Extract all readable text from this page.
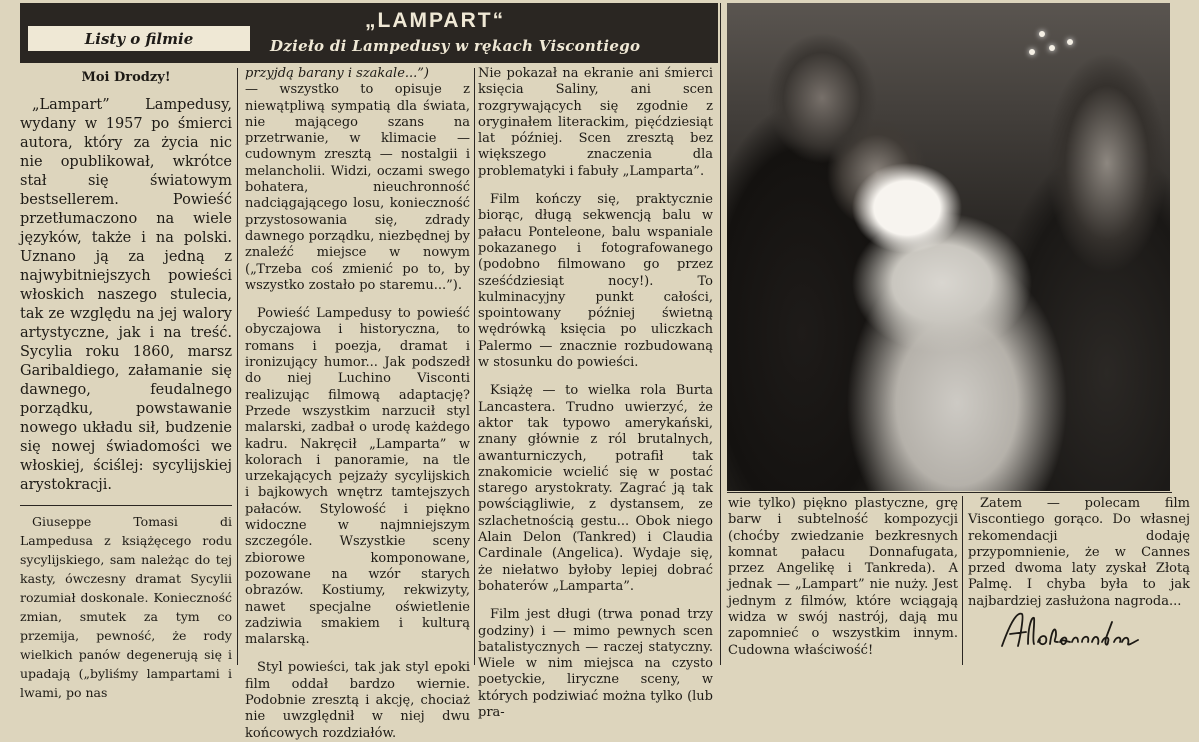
Listy o filmie
„LAMPART“
Dzieło di Lampedusy w rękach Viscontiego

Moi Drodzy!

„Lampart” Lampedusy, wydany w 1957 po śmierci autora, który za życia nic nie opublikował, wkrótce stał się światowym bestsellerem. Powieść przetłumaczono na wiele języków, także i na polski. Uznano ją za jedną z najwybitniejszych powieści włoskich naszego stulecia, tak ze względu na jej walory artystyczne, jak i na treść. Sycylia roku 1860, marsz Garibaldiego, załamanie się dawnego, feudalnego porządku, powstawanie nowego układu sił, budzenie się nowej świadomości we włoskiej, ściślej: sycylijskiej arystokracji.

Giuseppe Tomasi di Lampedusa z książęcego rodu sycylijskiego, sam należąc do tej kasty, ówczesny dramat Sycylii rozumiał doskonale. Konieczność zmian, smutek za tym co przemija, pewność, że rody wielkich panów degenerują się i upadają („byliśmy lampartami i lwami, po nas

przyjdą barany i szakale...”)

— wszystko to opisuje z niewątpliwą sympatią dla świata, nie mającego szans na przetrwanie, w klimacie — cudownym zresztą — nostalgii i melancholii. Widzi, oczami swego bohatera, nieuchronność nadciągającego losu, konieczność przystosowania się, zdrady dawnego porządku, niezbędnej by znaleźć miejsce w nowym („Trzeba coś zmienić po to, by wszystko zostało po staremu...”).

Powieść Lampedusy to powieść obyczajowa i historyczna, to romans i poezja, dramat i ironizujący humor... Jak podszedł do niej Luchino Visconti realizując filmową adaptację? Przede wszystkim narzucił styl malarski, zadbał o urodę każdego kadru. Nakręcił „Lamparta” w kolorach i panoramie, na tle urzekających pejzaży sycylijskich i bajkowych wnętrz tamtejszych pałaców. Stylowość i piękno widoczne w najmniejszym szczególe. Wszystkie sceny zbiorowe komponowane, pozowane na wzór starych obrazów. Kostiumy, rekwizyty, nawet specjalne oświetlenie zadziwia smakiem i kulturą malarską.

Styl powieści, tak jak styl epoki film oddał bardzo wiernie. Podobnie zresztą i akcję, chociaż nie uwzględnił w niej dwu końcowych rozdziałów.

Nie pokazał na ekranie ani śmierci księcia Saliny, ani scen rozgrywających się zgodnie z oryginałem literackim, pięćdziesiąt lat później. Scen zresztą bez większego znaczenia dla problematyki i fabuły „Lamparta”.

Film kończy się, praktycznie biorąc, długą sekwencją balu w pałacu Ponteleone, balu wspaniale pokazanego i fotografowanego (podobno filmowano go przez sześćdziesiąt nocy!). To kulminacyjny punkt całości, spointowany później świetną wędrówką księcia po uliczkach Palermo — znacznie rozbudowaną w stosunku do powieści.

Książę — to wielka rola Burta Lancastera. Trudno uwierzyć, że aktor tak typowo amerykański, znany głównie z ról brutalnych, awanturniczych, potrafił tak znakomicie wcielić się w postać starego arystokraty. Zagrać ją tak powściągliwie, z dystansem, ze szlachetnością gestu... Obok niego Alain Delon (Tankred) i Claudia Cardinale (Angelica). Wydaje się, że niełatwo byłoby lepiej dobrać bohaterów „Lamparta”.

Film jest długi (trwa ponad trzy godziny) i — mimo pewnych scen batalistycznych — raczej statyczny. Wiele w nim miejsca na czysto poetyckie, liryczne sceny, w których podziwiać można tylko (lub pra-

wie tylko) piękno plastyczne, grę barw i subtelność kompozycji (choćby zwiedzanie bezkresnych komnat pałacu Donnafugata, przez Angelikę i Tankreda). A jednak — „Lampart” nie nuży. Jest jednym z filmów, które wciągają widza w swój nastrój, dają mu zapomnieć o wszystkim innym. Cudowna właściwość!

Zatem — polecam film Viscontiego gorąco. Do własnej rekomendacji dodaję przypomnienie, że w Cannes przed dwoma laty zyskał Złotą Palmę. I chyba była to jak najbardziej zasłużona nagroda...
